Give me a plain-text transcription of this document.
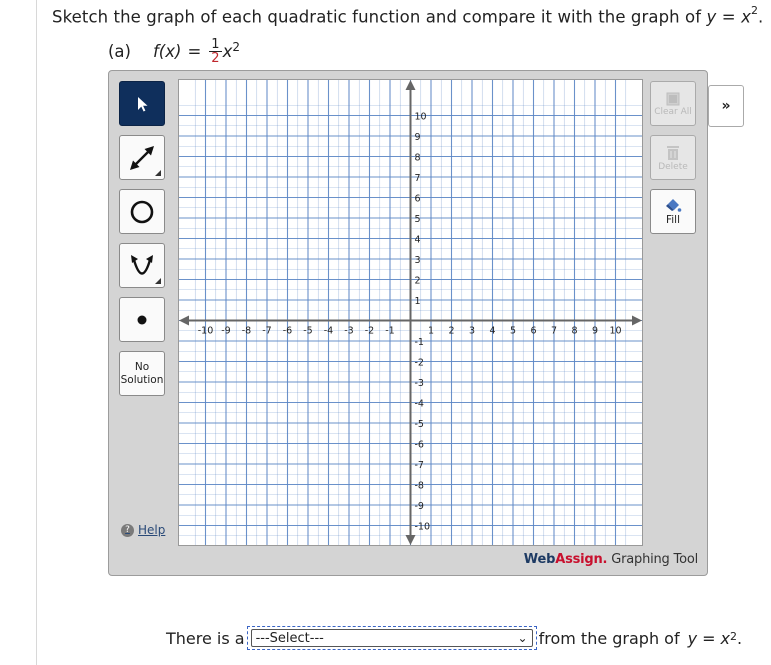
Sketch the graph of each quadratic function and compare it with the graph of $y = x^2$.
(a) $f(x) = \frac{1}{2} x^2$
No
Solution
? Help
-10 -9 -8 -7 -6 -5 -4 -3 -2 -1	1 2 3 4 5 6 7 8 9 10
10
9
8
7
6
5
4
3
2
1
-1
-2
-3
-4
-5
-6
-7
-8
-9
-10
Clear All
Delete
Fill
WebAssign. Graphing Tool
»
There is a ---Select---	⌄ from the graph of $y = x^2$ .
